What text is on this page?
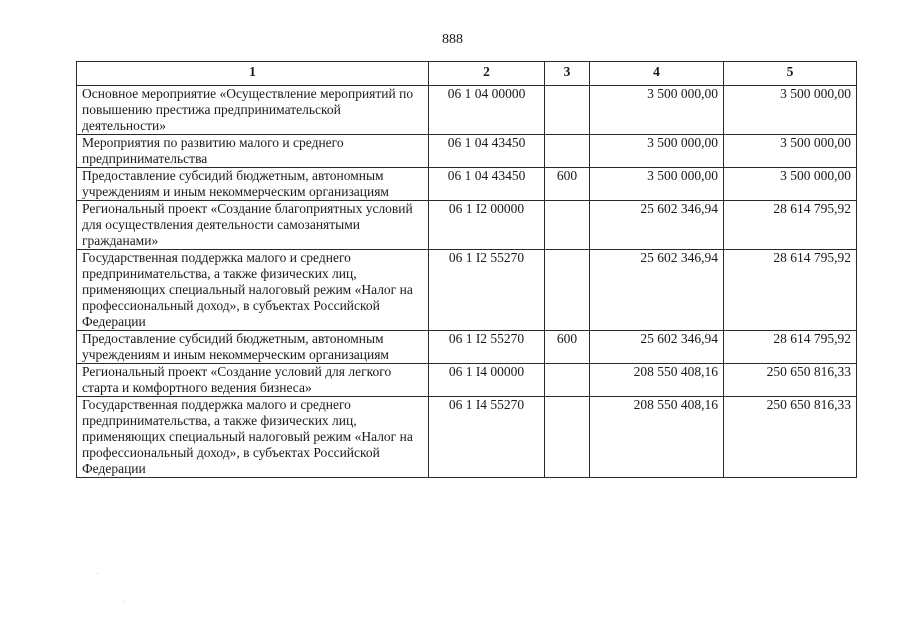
888
1	2	3	4	5
Основное мероприятие «Осуществление мероприятий по повышению престижа предпринимательской деятельности»	06 1 04 00000		3 500 000,00	3 500 000,00
Мероприятия по развитию малого и среднего предпринимательства	06 1 04 43450		3 500 000,00	3 500 000,00
Предоставление субсидий бюджетным, автономным учреждениям и иным некоммерческим организациям	06 1 04 43450	600	3 500 000,00	3 500 000,00
Региональный проект «Создание благоприятных условий для осуществления деятельности самозанятыми гражданами»	06 1 I2 00000		25 602 346,94	28 614 795,92
Государственная поддержка малого и среднего предпринимательства, а также физических лиц, применяющих специальный налоговый режим «Налог на профессиональный доход», в субъектах Российской Федерации	06 1 I2 55270		25 602 346,94	28 614 795,92
Предоставление субсидий бюджетным, автономным учреждениям и иным некоммерческим организациям	06 1 I2 55270	600	25 602 346,94	28 614 795,92
Региональный проект «Создание условий для легкого старта и комфортного ведения бизнеса»	06 1 I4 00000		208 550 408,16	250 650 816,33
Государственная поддержка малого и среднего предпринимательства, а также физических лиц, применяющих специальный налоговый режим «Налог на профессиональный доход», в субъектах Российской Федерации	06 1 I4 55270		208 550 408,16	250 650 816,33
